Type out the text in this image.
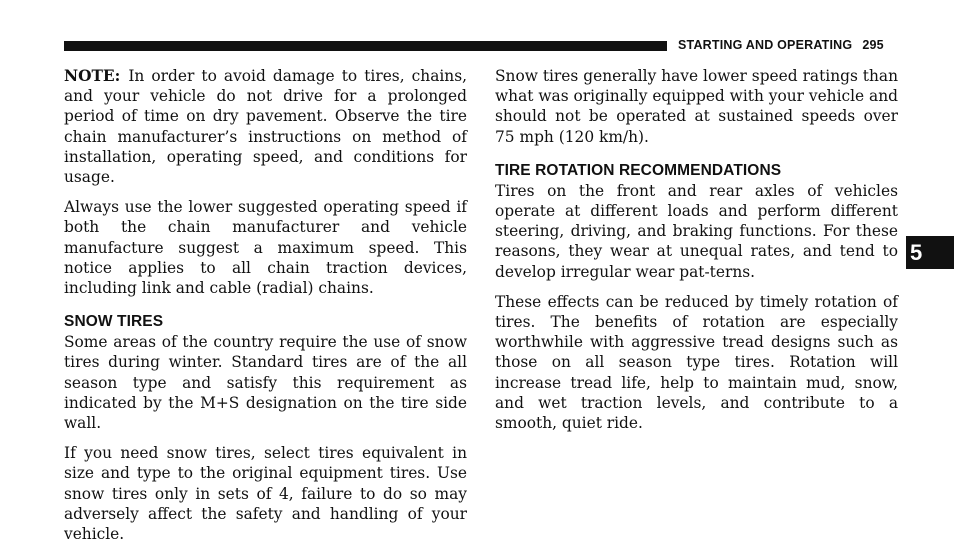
STARTING AND OPERATING 295

NOTE: In order to avoid damage to tires, chains, and your vehicle do not drive for a prolonged period of time on dry pavement. Observe the tire chain manufacturer’s instructions on method of installation, operating speed, and conditions for usage.

Always use the lower suggested operating speed if both the chain manufacturer and vehicle manufacture suggest a maximum speed. This notice applies to all chain traction devices, including link and cable (radial) chains.

SNOW TIRES

Some areas of the country require the use of snow tires during winter. Standard tires are of the all season type and satisfy this requirement as indicated by the M+S designation on the tire side wall.

If you need snow tires, select tires equivalent in size and type to the original equipment tires. Use snow tires only in sets of 4, failure to do so may adversely affect the safety and handling of your vehicle.

Snow tires generally have lower speed ratings than what was originally equipped with your vehicle and should not be operated at sustained speeds over 75 mph (120 km/h).

TIRE ROTATION RECOMMENDATIONS

Tires on the front and rear axles of vehicles operate at different loads and perform different steering, driving, and braking functions. For these reasons, they wear at unequal rates, and tend to develop irregular wear pat-terns.

These effects can be reduced by timely rotation of tires. The benefits of rotation are especially worthwhile with aggressive tread designs such as those on all season type tires. Rotation will increase tread life, help to maintain mud, snow, and wet traction levels, and contribute to a smooth, quiet ride.

5
